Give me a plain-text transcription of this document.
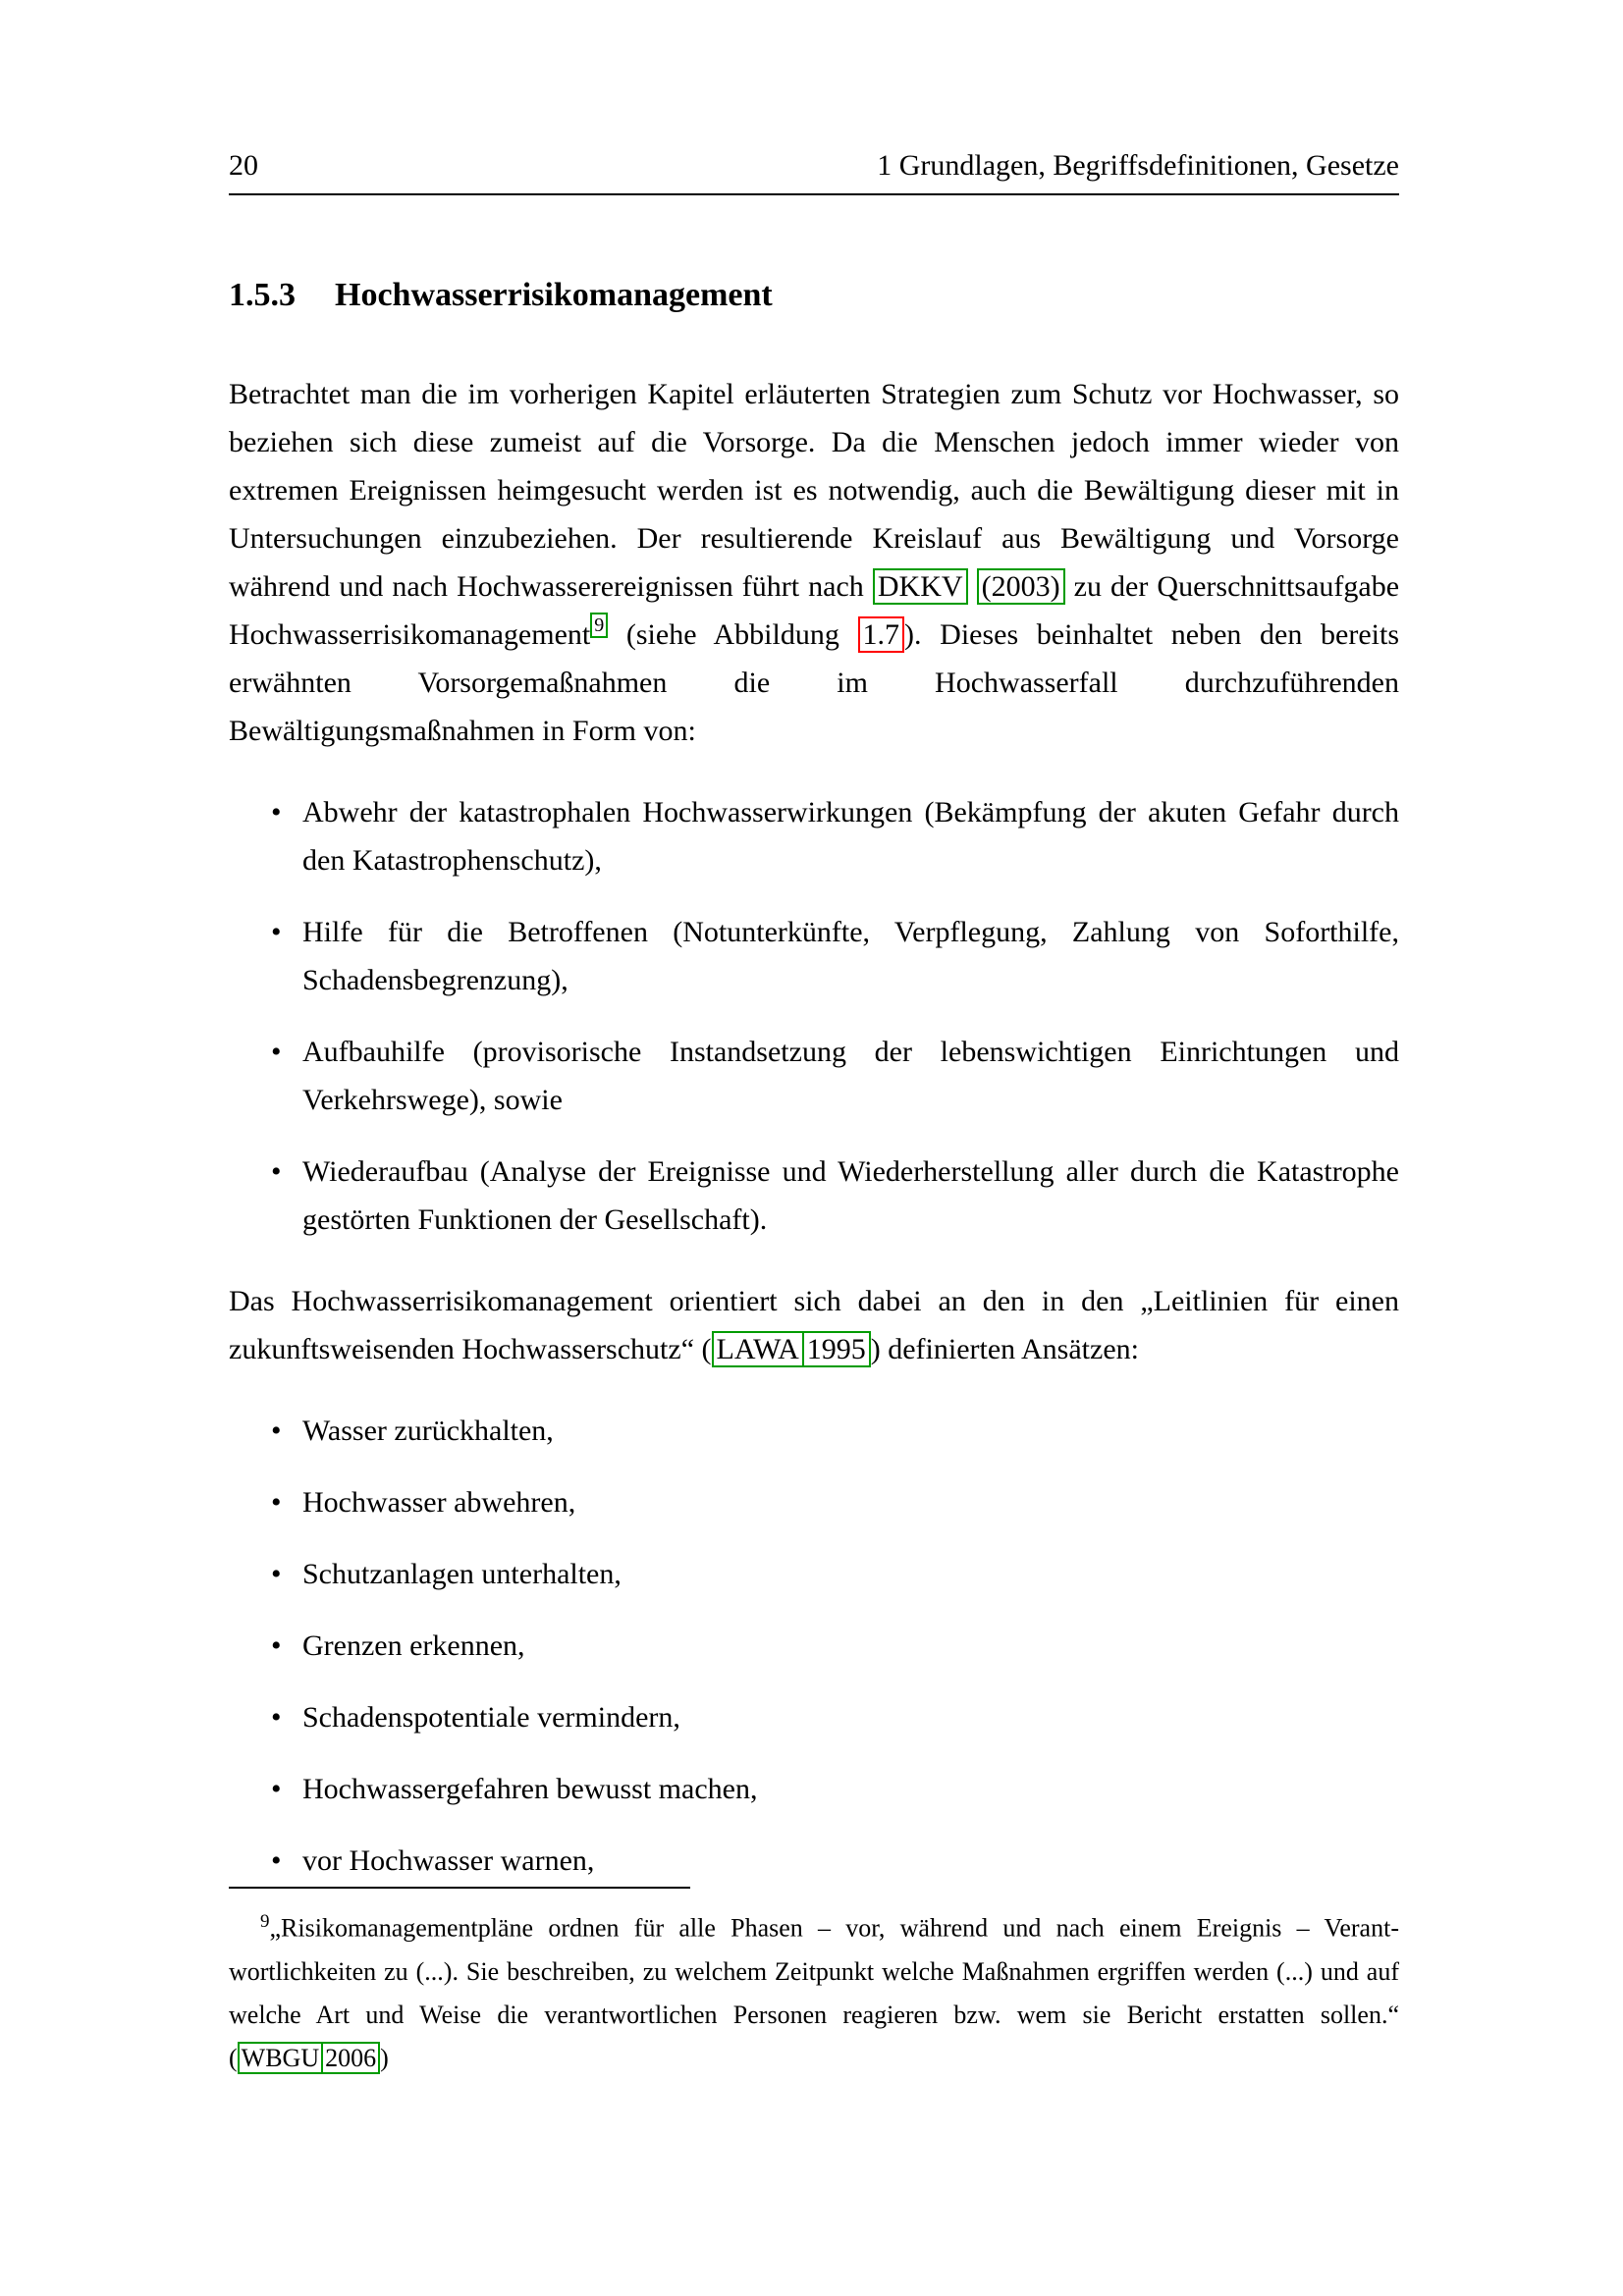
20	1 Grundlagen, Begriffsdefinitionen, Gesetze
1.5.3 Hochwasserrisikomanagement

Betrachtet man die im vorherigen Kapitel erläuterten Strategien zum Schutz vor Hochwasser, so beziehen sich diese zumeist auf die Vorsorge. Da die Menschen jedoch immer wieder von extremen Ereignissen heimgesucht werden ist es notwendig, auch die Bewältigung dieser mit in Untersuchungen einzubeziehen. Der resultierende Kreislauf aus Bewältigung und Vorsorge während und nach Hochwasserereignissen führt nach DKKV (2003) zu der Querschnittsaufgabe Hochwasserrisikomanagement $^9$ (siehe Abbildung 1.7 ). Dieses beinhaltet neben den bereits erwähnten Vorsorgemaßnahmen die im Hochwasserfall durchzuführenden Bewältigungsmaßnahmen in Form von:

• Abwehr der katastrophalen Hochwasserwirkungen (Bekämpfung der akuten Gefahr durch den Katastrophenschutz),
• Hilfe für die Betroffenen (Notunterkünfte, Verpflegung, Zahlung von Soforthilfe, Schadensbegrenzung),
• Aufbauhilfe (provisorische Instandsetzung der lebenswichtigen Einrichtungen und Verkehrswege), sowie
• Wiederaufbau (Analyse der Ereignisse und Wiederherstellung aller durch die Katastrophe gestörten Funktionen der Gesellschaft).

Das Hochwasserrisikomanagement orientiert sich dabei an den in den „Leitlinien für einen zukunftsweisenden Hochwasserschutz“ ( LAWA 1995 ) definierten Ansätzen:

• Wasser zurückhalten,
• Hochwasser abwehren,
• Schutzanlagen unterhalten,
• Grenzen erkennen,
• Schadenspotentiale vermindern,
• Hochwassergefahren bewusst machen,
• vor Hochwasser warnen,

$^9$„Risikomanagementpläne ordnen für alle Phasen – vor, während und nach einem Ereignis – Verantwortlichkeiten zu (...). Sie beschreiben, zu welchem Zeitpunkt welche Maßnahmen ergriffen werden (...) und auf welche Art und Weise die verantwortlichen Personen reagieren bzw. wem sie Bericht erstatten sollen.“ ( WBGU 2006 )
